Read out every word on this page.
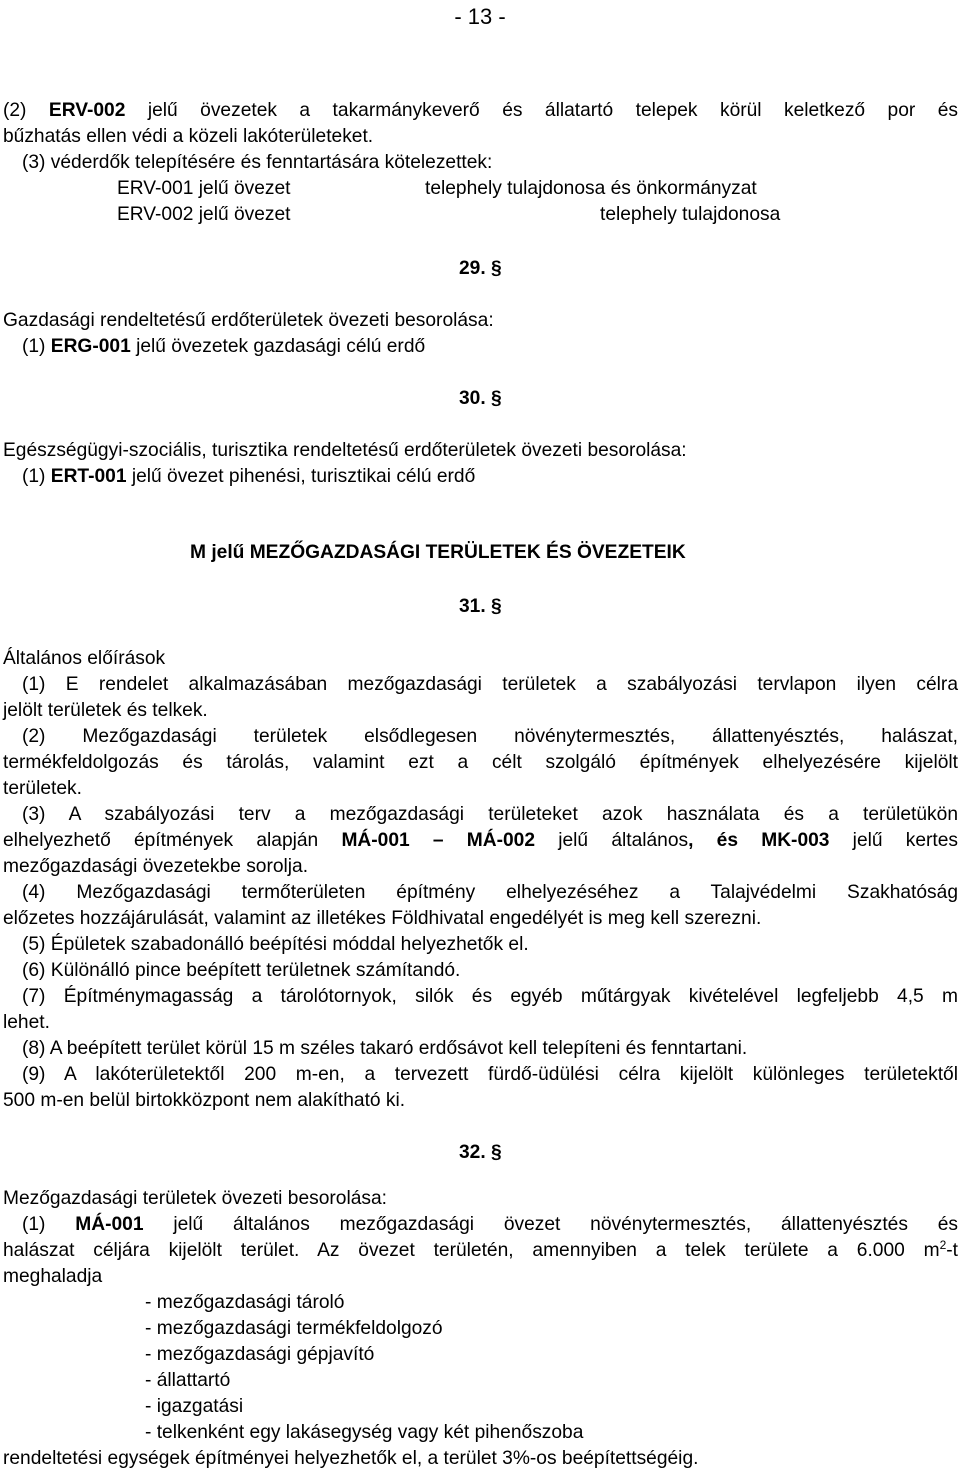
- 13 -
(2) ERV-002 jelű övezetek a takarmánykeverő és állatartó telepek körül keletkező por és
bűzhatás ellen védi a közeli lakóterületeket.
(3) véderdők telepítésére és fenntartására kötelezettek:
ERV-001 jelű övezet	telephely tulajdonosa és önkormányzat
ERV-002 jelű övezet	telephely tulajdonosa
29. §
Gazdasági rendeltetésű erdőterületek övezeti besorolása:
(1) ERG-001 jelű övezetek gazdasági célú erdő
30. §
Egészségügyi-szociális, turisztika rendeltetésű erdőterületek övezeti besorolása:
(1) ERT-001 jelű övezet pihenési, turisztikai célú erdő
M jelű MEZŐGAZDASÁGI TERÜLETEK ÉS ÖVEZETEIK
31. §
Általános előírások
(1) E rendelet alkalmazásában mezőgazdasági területek a szabályozási tervlapon ilyen célra
jelölt területek és telkek.
(2) Mezőgazdasági területek elsődlegesen növénytermesztés, állattenyésztés, halászat,
termékfeldolgozás és tárolás, valamint ezt a célt szolgáló építmények elhelyezésére kijelölt
területek.
(3) A szabályozási terv a mezőgazdasági területeket azok használata és a területükön
elhelyezhető építmények alapján MÁ-001 – MÁ-002 jelű általános, és MK-003 jelű kertes
mezőgazdasági övezetekbe sorolja.
(4) Mezőgazdasági termőterületen építmény elhelyezéséhez a Talajvédelmi Szakhatóság
előzetes hozzájárulását, valamint az illetékes Földhivatal engedélyét is meg kell szerezni.
(5) Épületek szabadonálló beépítési móddal helyezhetők el.
(6) Különálló pince beépített területnek számítandó.
(7) Építménymagasság a tárolótornyok, silók és egyéb műtárgyak kivételével legfeljebb 4,5 m
lehet.
(8) A beépített terület körül 15 m széles takaró erdősávot kell telepíteni és fenntartani.
(9) A lakóterületektől 200 m-en, a tervezett fürdő-üdülési célra kijelölt különleges területektől
500 m-en belül birtokközpont nem alakítható ki.
32. §
Mezőgazdasági területek övezeti besorolása:
(1) MÁ-001 jelű általános mezőgazdasági övezet növénytermesztés, állattenyésztés és
halászat céljára kijelölt terület. Az övezet területén, amennyiben a telek területe a 6.000 $m^2-t$
meghaladja
- mezőgazdasági tároló
- mezőgazdasági termékfeldolgozó
- mezőgazdasági gépjavító
- állattartó
- igazgatási
- telkenként egy lakásegység vagy két pihenőszoba
rendeltetési egységek építményei helyezhetők el, a terület 3%-os beépítettségéig.
